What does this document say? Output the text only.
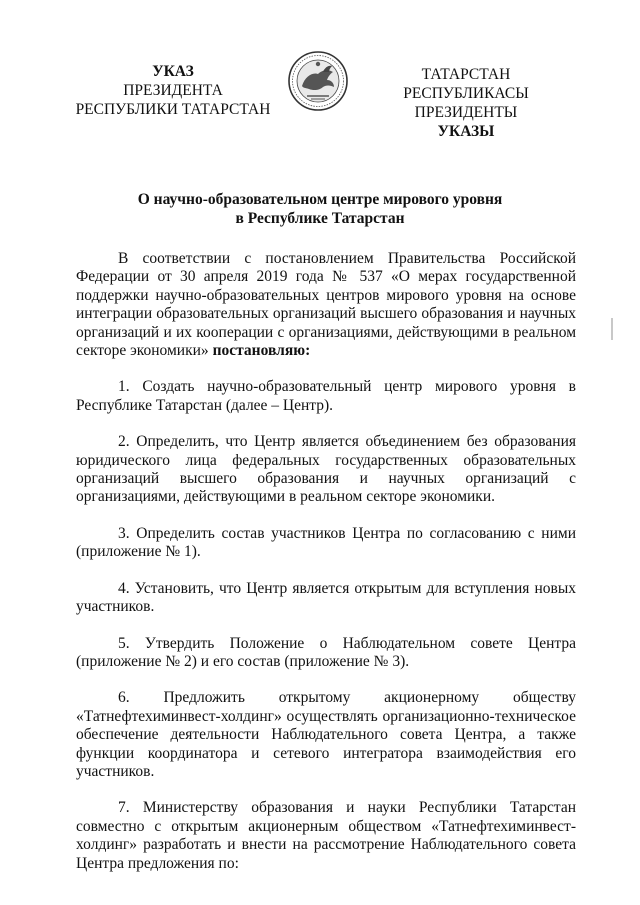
УКАЗ
ПРЕЗИДЕНТА
РЕСПУБЛИКИ ТАТАРСТАН
ТАТАРСТАН РЕСПУБЛИКАСЫ
ПРЕЗИДЕНТЫ
УКАЗЫ
О научно-образовательном центре мирового уровня
в Республике Татарстан

В соответствии с постановлением Правительства Российской Федерации от 30 апреля 2019 года № 537 «О мерах государственной поддержки научно-образовательных центров мирового уровня на основе интеграции образовательных организаций высшего образования и научных организаций и их кооперации с организациями, действующими в реальном секторе экономики» постановляю:

1. Создать научно-образовательный центр мирового уровня в Республике Татарстан (далее – Центр).

2. Определить, что Центр является объединением без образования юридического лица федеральных государственных образовательных организаций высшего образования и научных организаций с организациями, действующими в реальном секторе экономики.

3. Определить состав участников Центра по согласованию с ними (приложение № 1).

4. Установить, что Центр является открытым для вступления новых участников.

5. Утвердить Положение о Наблюдательном совете Центра (приложение № 2) и его состав (приложение № 3).

6. Предложить открытому акционерному обществу «Татнефтехиминвест-холдинг» осуществлять организационно-техническое обеспечение деятельности Наблюдательного совета Центра, а также функции координатора и сетевого интегратора взаимодействия его участников.

7. Министерству образования и науки Республики Татарстан совместно с открытым акционерным обществом «Татнефтехиминвест-холдинг» разработать и внести на рассмотрение Наблюдательного совета Центра предложения по:
